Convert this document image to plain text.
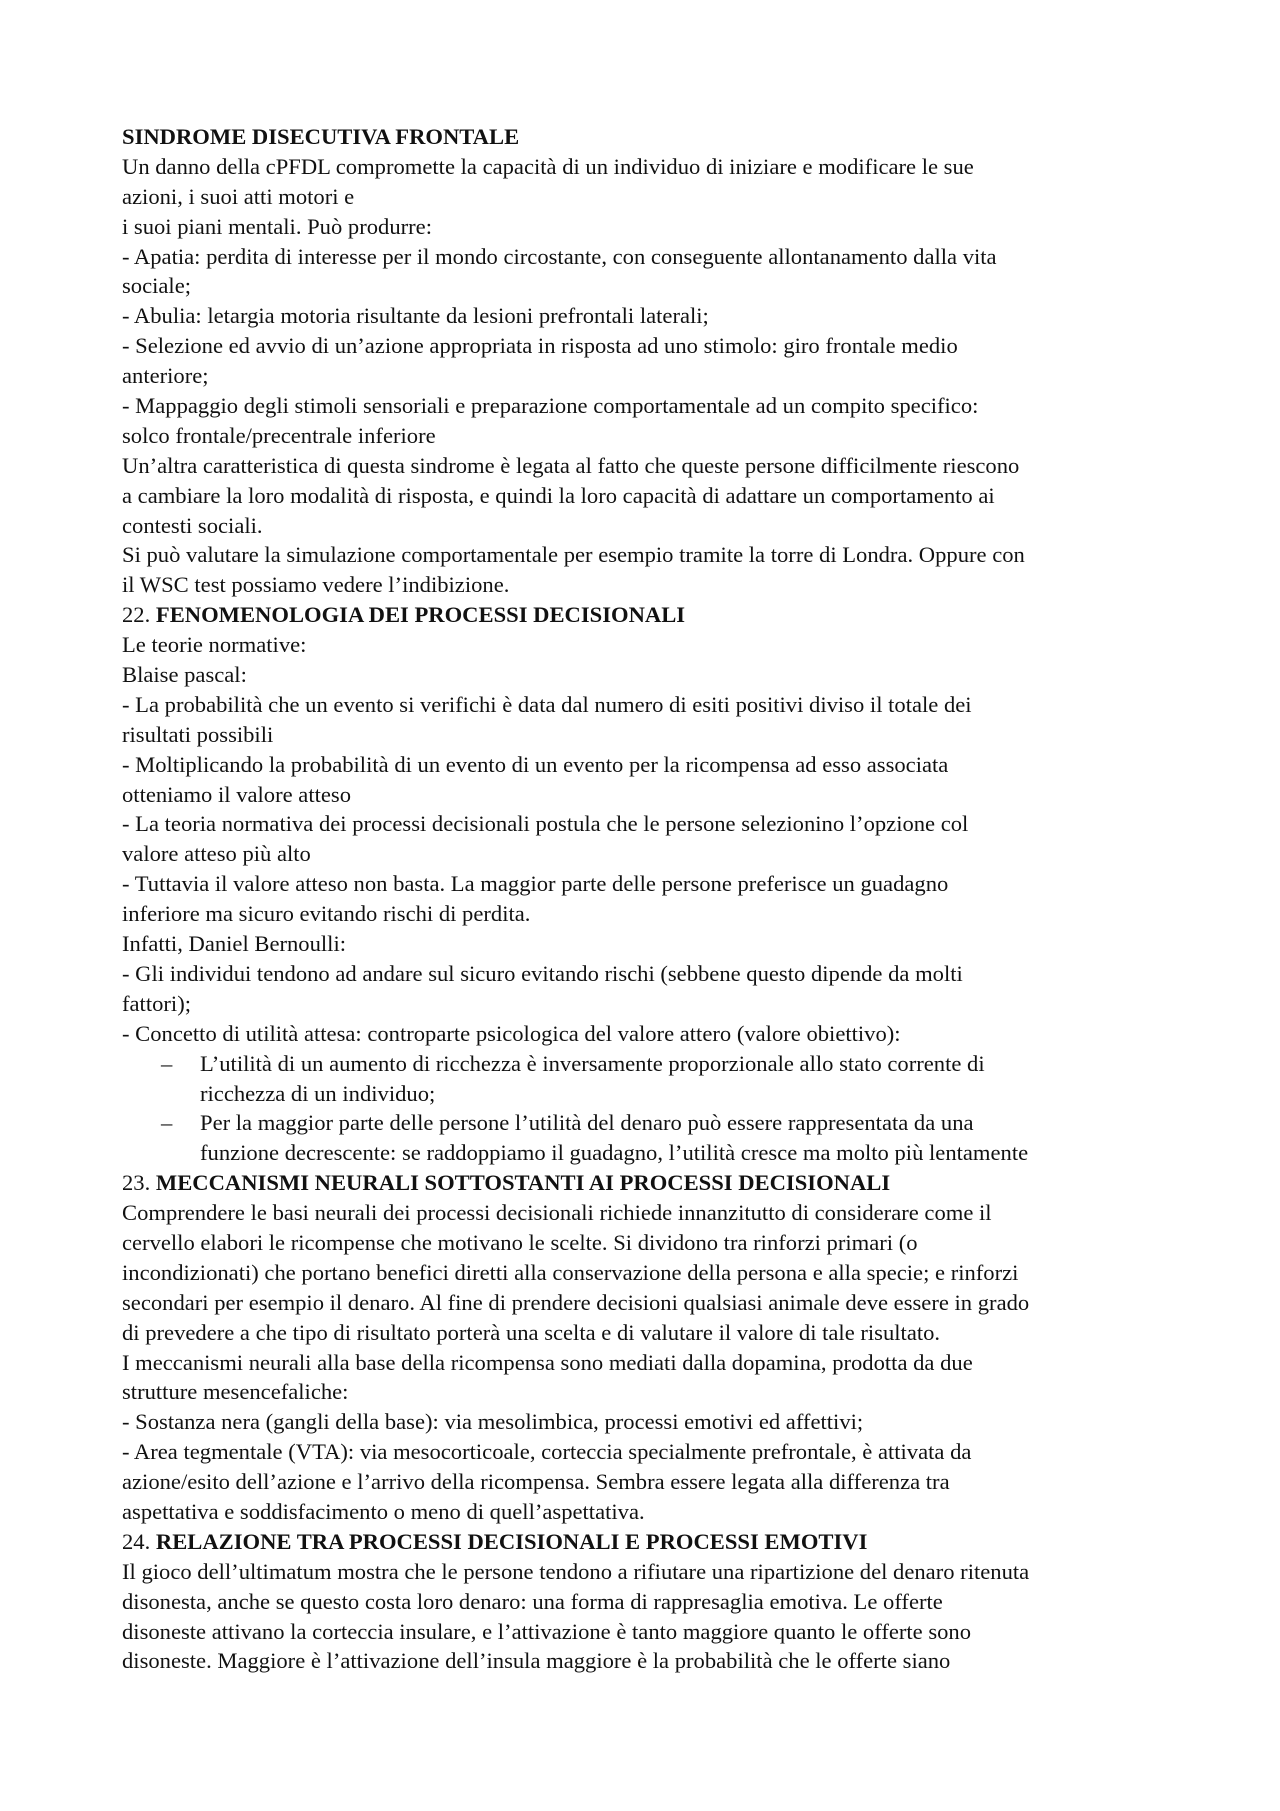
SINDROME DISECUTIVA FRONTALE
Un danno della cPFDL compromette la capacità di un individuo di iniziare e modificare le sue
azioni, i suoi atti motori e
i suoi piani mentali. Può produrre:
- Apatia: perdita di interesse per il mondo circostante, con conseguente allontanamento dalla vita
sociale;
- Abulia: letargia motoria risultante da lesioni prefrontali laterali;
- Selezione ed avvio di un’azione appropriata in risposta ad uno stimolo: giro frontale medio
anteriore;
- Mappaggio degli stimoli sensoriali e preparazione comportamentale ad un compito specifico:
solco frontale/precentrale inferiore
Un’altra caratteristica di questa sindrome è legata al fatto che queste persone difficilmente riescono
a cambiare la loro modalità di risposta, e quindi la loro capacità di adattare un comportamento ai
contesti sociali.
Si può valutare la simulazione comportamentale per esempio tramite la torre di Londra. Oppure con
il WSC test possiamo vedere l’indibizione.
22. FENOMENOLOGIA DEI PROCESSI DECISIONALI
Le teorie normative:
Blaise pascal:
- La probabilità che un evento si verifichi è data dal numero di esiti positivi diviso il totale dei
risultati possibili
- Moltiplicando la probabilità di un evento di un evento per la ricompensa ad esso associata
otteniamo il valore atteso
- La teoria normativa dei processi decisionali postula che le persone selezionino l’opzione col
valore atteso più alto
- Tuttavia il valore atteso non basta. La maggior parte delle persone preferisce un guadagno
inferiore ma sicuro evitando rischi di perdita.
Infatti, Daniel Bernoulli:
- Gli individui tendono ad andare sul sicuro evitando rischi (sebbene questo dipende da molti
fattori);
- Concetto di utilità attesa: controparte psicologica del valore attero (valore obiettivo):
– L’utilità di un aumento di ricchezza è inversamente proporzionale allo stato corrente di
ricchezza di un individuo;
– Per la maggior parte delle persone l’utilità del denaro può essere rappresentata da una
funzione decrescente: se raddoppiamo il guadagno, l’utilità cresce ma molto più lentamente
23. MECCANISMI NEURALI SOTTOSTANTI AI PROCESSI DECISIONALI
Comprendere le basi neurali dei processi decisionali richiede innanzitutto di considerare come il
cervello elabori le ricompense che motivano le scelte. Si dividono tra rinforzi primari (o
incondizionati) che portano benefici diretti alla conservazione della persona e alla specie; e rinforzi
secondari per esempio il denaro. Al fine di prendere decisioni qualsiasi animale deve essere in grado
di prevedere a che tipo di risultato porterà una scelta e di valutare il valore di tale risultato.
I meccanismi neurali alla base della ricompensa sono mediati dalla dopamina, prodotta da due
strutture mesencefaliche:
- Sostanza nera (gangli della base): via mesolimbica, processi emotivi ed affettivi;
- Area tegmentale (VTA): via mesocorticoale, corteccia specialmente prefrontale, è attivata da
azione/esito dell’azione e l’arrivo della ricompensa. Sembra essere legata alla differenza tra
aspettativa e soddisfacimento o meno di quell’aspettativa.
24. RELAZIONE TRA PROCESSI DECISIONALI E PROCESSI EMOTIVI
Il gioco dell’ultimatum mostra che le persone tendono a rifiutare una ripartizione del denaro ritenuta
disonesta, anche se questo costa loro denaro: una forma di rappresaglia emotiva. Le offerte
disoneste attivano la corteccia insulare, e l’attivazione è tanto maggiore quanto le offerte sono
disoneste. Maggiore è l’attivazione dell’insula maggiore è la probabilità che le offerte siano
